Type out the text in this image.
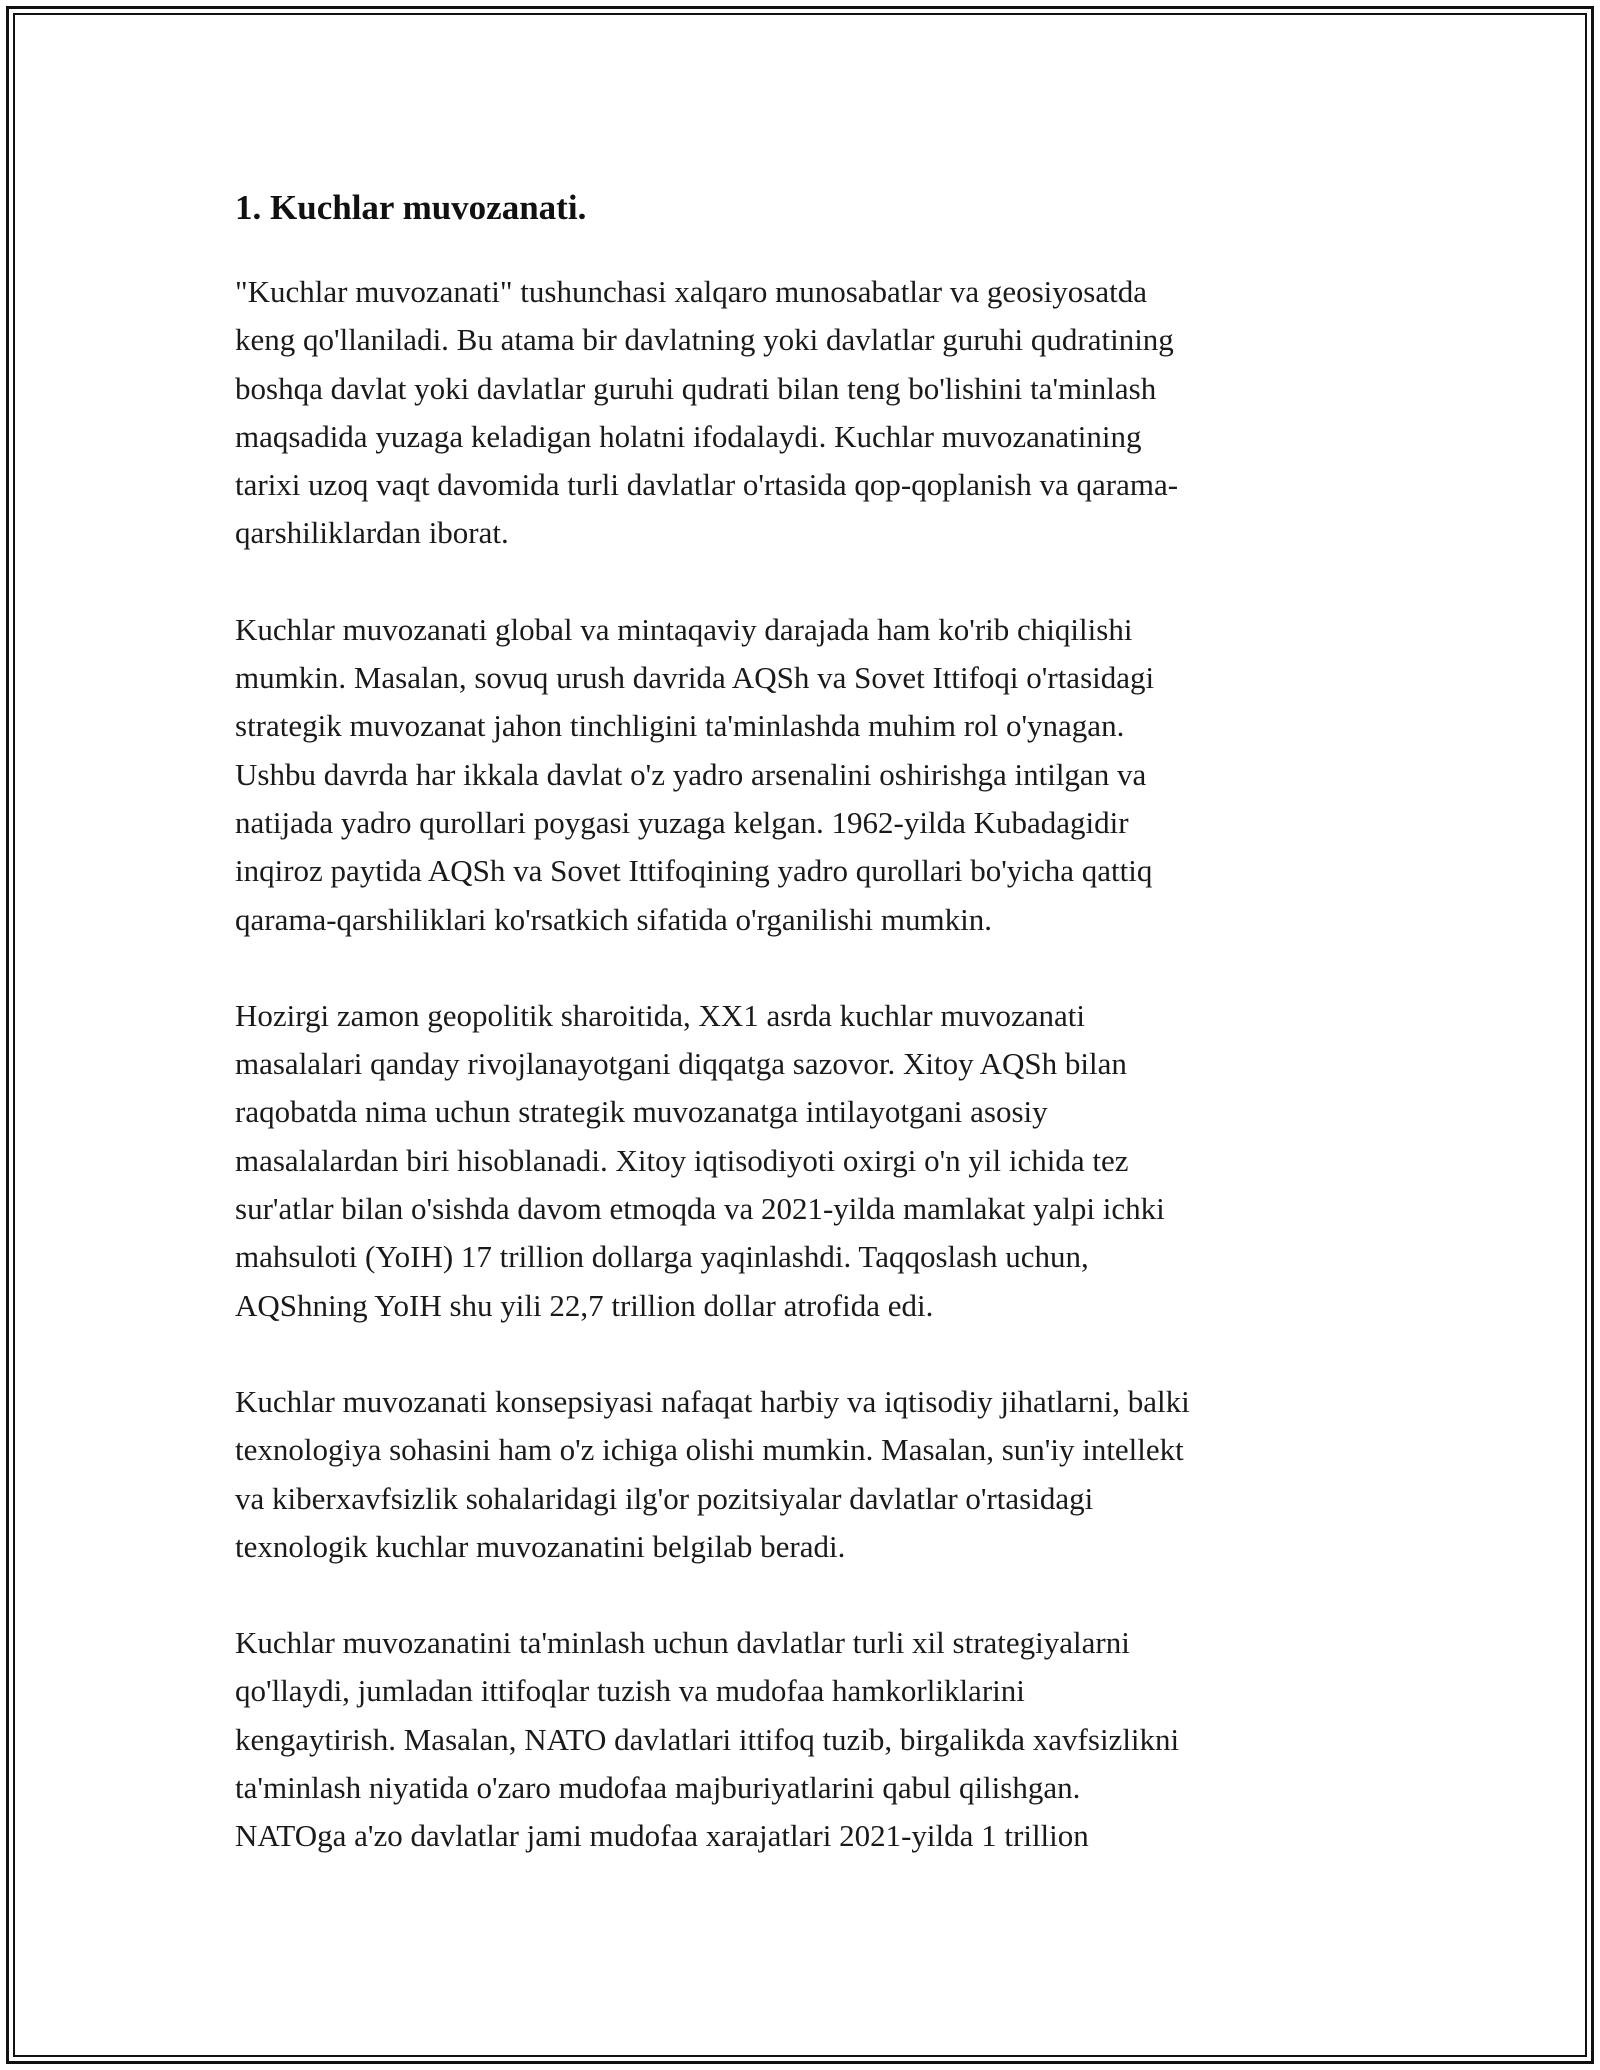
1. Kuchlar muvozanati.

"Kuchlar muvozanati" tushunchasi xalqaro munosabatlar va geosiyosatda
keng qo'llaniladi. Bu atama bir davlatning yoki davlatlar guruhi qudratining
boshqa davlat yoki davlatlar guruhi qudrati bilan teng bo'lishini ta'minlash
maqsadida yuzaga keladigan holatni ifodalaydi. Kuchlar muvozanatining
tarixi uzoq vaqt davomida turli davlatlar o'rtasida qop-qoplanish va qarama-
qarshiliklardan iborat.

Kuchlar muvozanati global va mintaqaviy darajada ham ko'rib chiqilishi
mumkin. Masalan, sovuq urush davrida AQSh va Sovet Ittifoqi o'rtasidagi
strategik muvozanat jahon tinchligini ta'minlashda muhim rol o'ynagan.
Ushbu davrda har ikkala davlat o'z yadro arsenalini oshirishga intilgan va
natijada yadro qurollari poygasi yuzaga kelgan. 1962-yilda Kubadagidir
inqiroz paytida AQSh va Sovet Ittifoqining yadro qurollari bo'yicha qattiq
qarama-qarshiliklari ko'rsatkich sifatida o'rganilishi mumkin.

Hozirgi zamon geopolitik sharoitida, XX1 asrda kuchlar muvozanati
masalalari qanday rivojlanayotgani diqqatga sazovor. Xitoy AQSh bilan
raqobatda nima uchun strategik muvozanatga intilayotgani asosiy
masalalardan biri hisoblanadi. Xitoy iqtisodiyoti oxirgi o'n yil ichida tez
sur'atlar bilan o'sishda davom etmoqda va 2021-yilda mamlakat yalpi ichki
mahsuloti (YoIH) 17 trillion dollarga yaqinlashdi. Taqqoslash uchun,
AQShning YoIH shu yili 22,7 trillion dollar atrofida edi.

Kuchlar muvozanati konsepsiyasi nafaqat harbiy va iqtisodiy jihatlarni, balki
texnologiya sohasini ham o'z ichiga olishi mumkin. Masalan, sun'iy intellekt
va kiberxavfsizlik sohalaridagi ilg'or pozitsiyalar davlatlar o'rtasidagi
texnologik kuchlar muvozanatini belgilab beradi.

Kuchlar muvozanatini ta'minlash uchun davlatlar turli xil strategiyalarni
qo'llaydi, jumladan ittifoqlar tuzish va mudofaa hamkorliklarini
kengaytirish. Masalan, NATO davlatlari ittifoq tuzib, birgalikda xavfsizlikni
ta'minlash niyatida o'zaro mudofaa majburiyatlarini qabul qilishgan.
NATOga a'zo davlatlar jami mudofaa xarajatlari 2021-yilda 1 trillion
